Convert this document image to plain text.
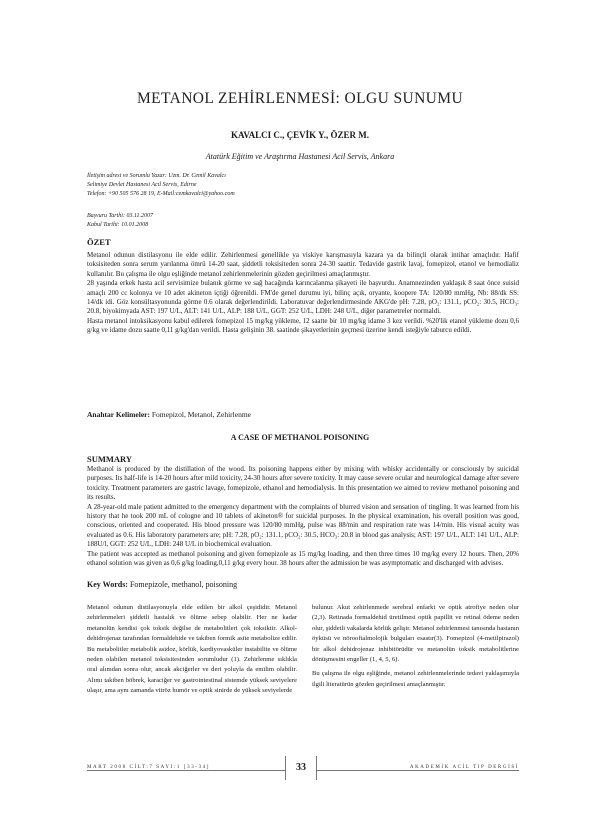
METANOL ZEHİRLENMESİ: OLGU SUNUMU
KAVALCI C., ÇEVİK Y., ÖZER M.
Atatürk Eğitim ve Araştırma Hastanesi Acil Servis, Ankara
İletişim adresi ve Sorumlu Yazar: Uzm. Dr. Cemil Kavalcı
Selimiye Devlet Hastanesi Acil Servis, Edirne
Telefon: +90 505 576 28 19, E-Mail:cemkavalci@yahoo.com
Başvuru Tarihi: 03.11.2007
Kabul Tarihi: 10.01.2008
ÖZET

Metanol odunun distilasyonu ile elde edilir. Zehirlenmesi genellikle ya viskiye karışmasıyla kazara ya da bilinçli olarak intihar amaçlıdır. Hafif toksisiteden sonra serum yarılanma ömrü 14-20 saat, şiddetli toksisiteden sonra 24-30 saattir. Tedavide gastrik lavaj, fomepizol, etanol ve hemodializ kullanılır. Bu çalışma ile olgu eşliğinde metanol zehirlenmelerinin gözden geçirilmesi amaçlanmıştır.

28 yaşında erkek hasta acil servisimize bulanık görme ve sağ bacağında karıncalanma şikayeti ile başvurdu. Anamnezinden yaklaşık 8 saat önce suisid amaçlı 200 cc kolonya ve 10 adet akineton içtiği öğrenildi. FM'de genel durumu iyi, bilinç açık, oryante, koopere TA: 120/80 mmHg, Nb: 88/dk SS: 14/dk idi. Göz konsültasyonunda görme 0.6 olarak değerlendirildi. Laboratuvar değerlendirmesinde AKG'de pH: 7.28, pO₂: 131.1, pCO₂: 30.5, HCO₃: 20.8, biyokimyada AST: 197 U/L, ALT: 141 U/L, ALP: 188 U/L, GGT: 252 U/L, LDH: 248 U/L, diğer parametreler normaldi.

Hasta metanol intoksikasyonu kabul edilerek fomepizol 15 mg/kg yükleme, 12 saatte bir 10 mg/kg idame 3 kez verildi. %20'lik etanol yükleme dozu 0,6 g/kg ve idame dozu saatte 0,11 g/kg'dan verildi. Hasta gelişinin 38. saatinde şikayetlerinin geçmesi üzerine kendi isteğiyle taburcu edildi.

Anahtar Kelimeler: Fomepizol, Metanol, Zehirlenme
A CASE OF METHANOL POISONING
SUMMARY

Methanol is produced by the distillation of the wood. Its poisoning happens either by mixing with whisky accidentally or consciously by suicidal purposes. Its half-life is 14-20 hours after mild toxicity, 24-30 hours after severe toxicity. It may cause severe ocular and neurological damage after severe toxicity. Treatment parameters are gastric lavage, fomepizole, ethanol and hemodialysis. In this presentation we aimed to review methanol poisoning and its results.

A 28-year-old male patient admitted to the emergency department with the complaints of blurred vision and sensation of tingling. It was learned from his history that he took 200 mL of cologne and 10 tablets of akineton® for suicidal purposes. In the physical examination, his overall position was good, conscious, oriented and cooperated. His blood pressure was 120/80 mmHg, pulse was 88/min and respiration rate was 14/min. His visual acuity was evaluated as 0.6. His laboratory parameters are; pH: 7.28, pO₂: 131.1, pCO₂: 30.5, HCO₃: 20.8 in blood gas analysis; AST: 197 U/L, ALT: 141 U/L, ALP: 188U/l, GGT: 252 U/L, LDH: 248 U/L in biochemical evaluation.

The patient was accepted as methanol poisoning and given fomepizole as 15 mg/kg loading, and then three times 10 mg/kg every 12 hours. Then, 20% ethanol solution was given as 0,6 g/kg loading,0,11 g/kg every hour. 38 hours after the admission he was asymptomatic and discharged with advises.

Key Words: Fomepizole, methanol, poisoning

Metanol odunun distilasyonuyla elde edilen bir alkol çeşididir. Metanol zehirlenmeleri şiddetli hastalık ve ölüme sebep olabilir. Her ne kadar metanolün kendisi çok toksik değilse de metabolitleri çok toksiktir. Alkol-dehidrojenaz tarafından formaldehide ve takiben formik asite metabolize edilir. Bu metabolitler metabolik asidoz, körlük, kardiyovasküler instabilite ve ölüme neden olabilen metanol toksisitesinden sorumludur (1). Zehirlenme sıklıkla oral alımdan sonra olur, ancak akciğerler ve deri yoluyla da emilim olabilir. Alımı takiben böbrek, karaciğer ve gastrointestinal sistemde yüksek seviyelere ulaşır, ama aynı zamanda vitröz humör ve optik sinirde de yüksek seviyelerde

bulunur. Akut zehirlenmede serebral enfarkt ve optik atrofiye neden olur (2,3). Retinada formaldehid üretilmesi optik papillit ve retinal ödeme neden olur, şiddetli vakalarda körlük gelişir. Metanol zehirlenmesi tanısında hastanın öyküsü ve nörooftalmolojik bulguları esastır(3). Fomepizol (4-metilpirazol) bir alkol dehidrojenaz inhibitörüdür ve metanolün toksik metabolitlerine dönüşmesini engeller (1, 4, 5, 6).

Bu çalışma ile olgu eşliğinde, metanol zehirlenmelerinde tedavi yaklaşımıyla ilgili literatürün gözden geçirilmesi amaçlanmıştır.

MART 2008 CİLT:7 SAYI:1 [33-34]	33	AKADEMİK ACİL TIP DERGİSİ
